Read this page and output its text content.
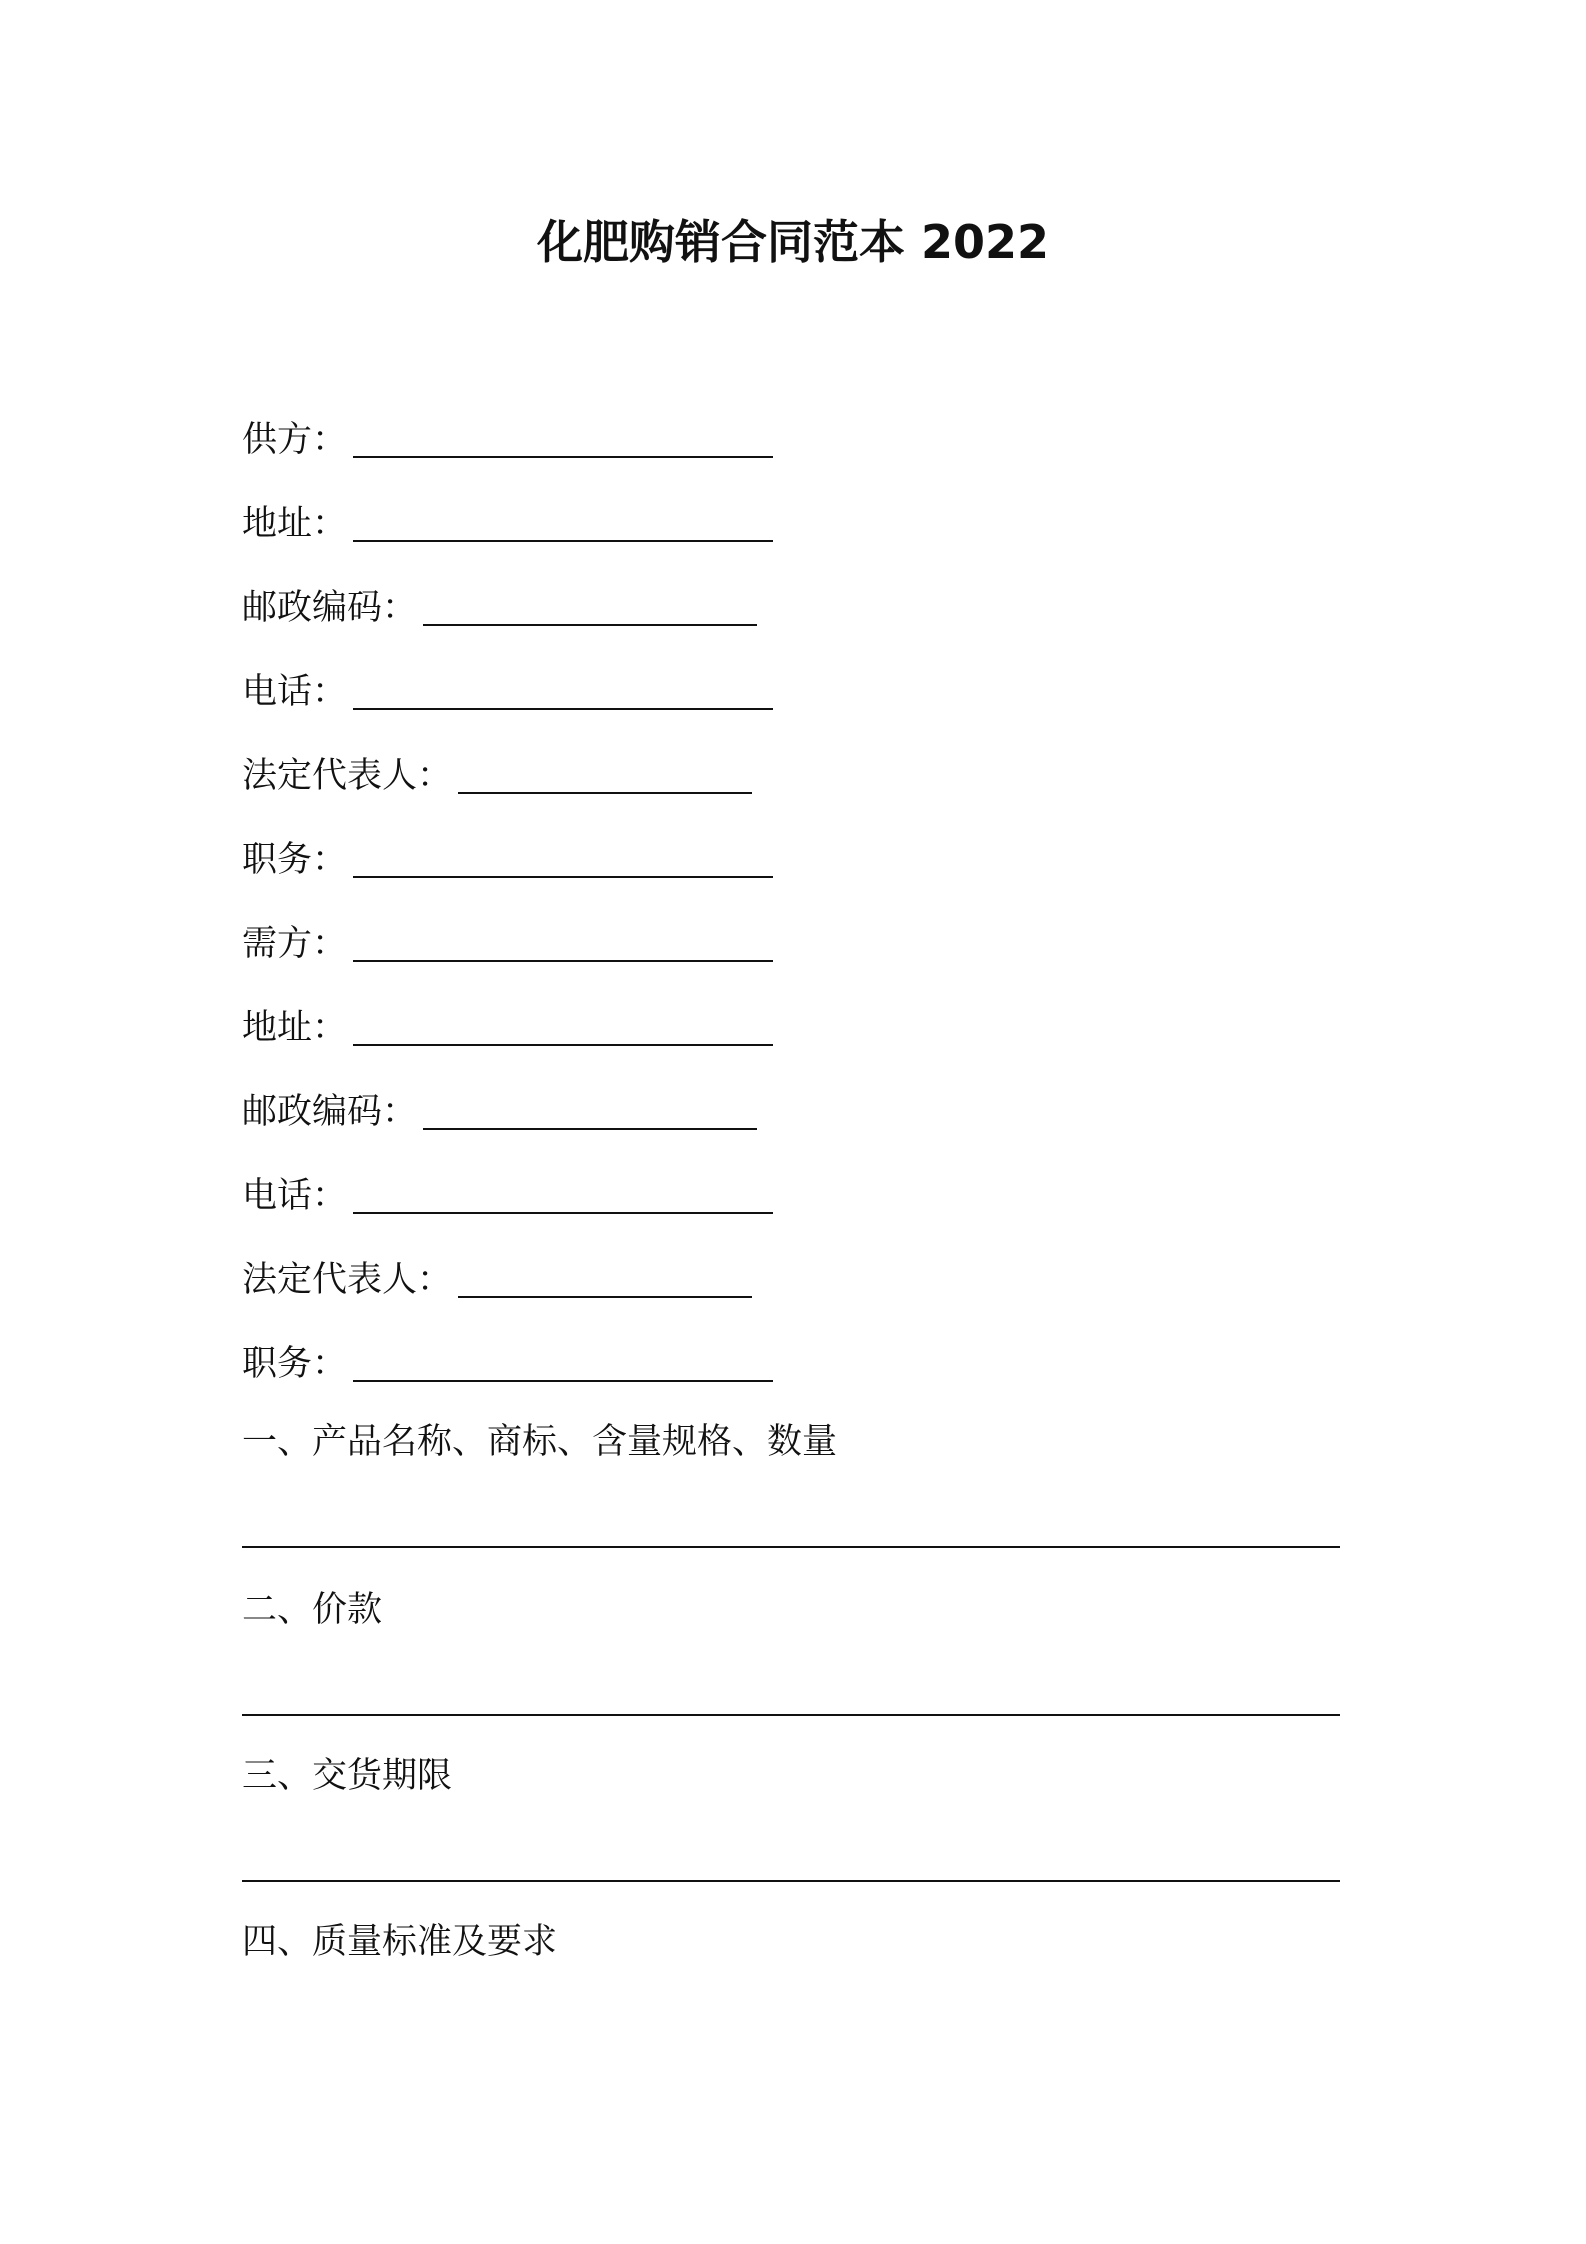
化肥购销合同范本 2022
供方：
地址：
邮政编码：
电话：
法定代表人：
职务：
需方：
地址：
邮政编码：
电话：
法定代表人：
职务：
一、产品名称、商标、含量规格、数量
二、价款
三、交货期限
四、质量标准及要求
